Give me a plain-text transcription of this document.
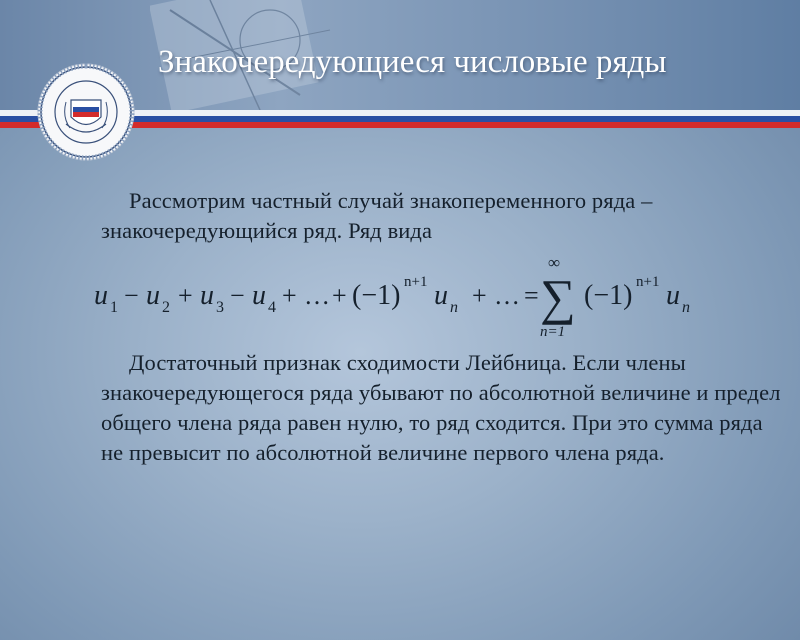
Знакочередующиеся числовые ряды
Рассмотрим частный случай знакопеременного ряда – знакочередующийся ряд. Ряд вида
u 1 − u 2 + u 3 − u 4 + … + (−1) n+1 u n + … =
∞
∑
n=1
(−1) n+1 u n
Достаточный признак сходимости Лейбница. Если члены знакочередующегося ряда убывают по абсолютной величине и предел общего члена ряда равен нулю, то ряд сходится. При это сумма ряда не превысит по абсолютной величине первого члена ряда.
